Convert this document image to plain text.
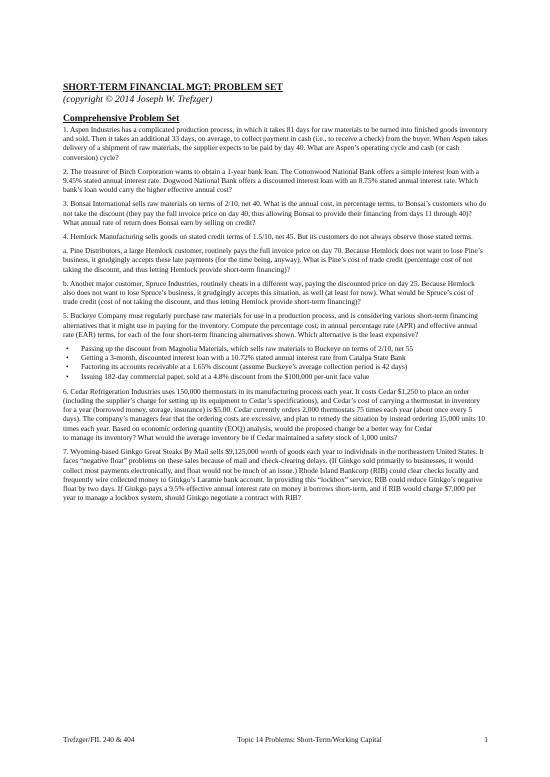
SHORT-TERM FINANCIAL MGT: PROBLEM SET
(copyright © 2014 Joseph W. Trefzger)
Comprehensive Problem Set

1. Aspen Industries has a complicated production process, in which it takes 81 days for raw materials to be turned into finished goods inventory and sold. Then it takes an additional 33 days, on average, to collect payment in cash (i.e., to receive a check) from the buyer. When Aspen takes delivery of a shipment of raw materials, the supplier expects to be paid by day 40. What are Aspen’s operating cycle and cash (or cash conversion) cycle?

2. The treasurer of Birch Corporation wants to obtain a 1-year bank loan. The Cottonwood National Bank offers a simple interest loan with a 9.45% stated annual interest rate. Dogwood National Bank offers a discounted interest loan with an 8.75% stated annual interest rate. Which bank’s loan would carry the higher effective annual cost?

3. Bonsai International sells raw materials on terms of 2/10, net 40. What is the annual cost, in percentage terms, to Bonsai’s customers who do not take the discount (they pay the full invoice price on day 40, thus allowing Bonsai to provide their financing from days 11 through 40)? What annual rate of return does Bonsai earn by selling on credit?

4. Hemlock Manufacturing sells goods on stated credit terms of 1.5/10, net 45. But its customers do not always observe those stated terms.

a. Pine Distributors, a large Hemlock customer, routinely pays the full invoice price on day 70. Because Hemlock does not want to lose Pine’s business, it grudgingly accepts these late payments (for the time being, anyway). What is Pine’s cost of trade credit (percentage cost of not taking the discount, and thus letting Hemlock provide short-term financing)?

b. Another major customer, Spruce Industries, routinely cheats in a different way, paying the discounted price on day 25. Because Hemlock also does not want to lose Spruce’s business, it grudgingly accepts this situation, as well (at least for now). What would be Spruce’s cost of trade credit (cost of not taking the discount, and thus letting Hemlock provide short-term financing)?

5. Buckeye Company must regularly purchase raw materials for use in a production process, and is considering various short-term financing alternatives that it might use in paying for the inventory. Compute the percentage cost, in annual percentage rate (APR) and effective annual rate (EAR) terms, for each of the four short-term financing alternatives shown. Which alternative is the least expensive?

• Passing up the discount from Magnolia Materials, which sells raw materials to Buckeye on terms of 2/10, net 55
• Getting a 3-month, discounted interest loan with a 10.72% stated annual interest rate from Catalpa State Bank
• Factoring its accounts receivable at a 1.65% discount (assume Buckeye’s average collection period is 42 days)
• Issuing 182-day commercial paper, sold at a 4.8% discount from the $100,000 per-unit face value

6. Cedar Refrigeration Industries uses 150,000 thermostats in its manufacturing process each year. It costs Cedar $1,250 to place an order (including the supplier’s charge for setting up its equipment to Cedar’s specifications), and Cedar’s cost of carrying a thermostat in inventory for a year (borrowed money, storage, insurance) is $5.00. Cedar currently orders 2,000 thermostats 75 times each year (about once every 5 days). The company’s managers fear that the ordering costs are excessive, and plan to remedy the situation by instead ordering 15,000 units 10 times each year. Based on economic ordering quantity (EOQ) analysis, would the proposed change be a better way for Cedar

to manage its inventory? What would the average inventory be if Cedar maintained a safety stock of 1,000 units?

7. Wyoming-based Ginkgo Great Steaks By Mail sells $9,125,000 worth of goods each year to individuals in the northeastern United States. It faces “negative float” problems on these sales because of mail and check-clearing delays. (If Ginkgo sold primarily to businesses, it would collect most payments electronically, and float would not be much of an issue.) Rhode Island Bankcorp (RIB) could clear checks locally and frequently wire collected money to Ginkgo’s Laramie bank account. In providing this “lockbox” service, RIB could reduce Ginkgo’s negative float by two days. If Ginkgo pays a 9.5% effective annual interest rate on money it borrows short-term, and if RIB would charge $7,000 per year to manage a lockbox system, should Ginkgo negotiate a contract with RIB?

Trefzger/FIL 240 & 404	Topic 14 Problems: Short-Term/Working Capital	1
